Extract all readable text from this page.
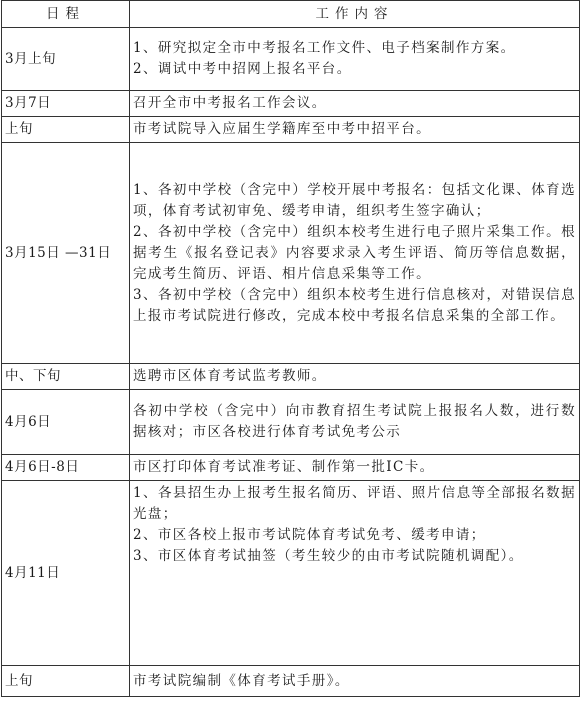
日程	工作内容
3月上旬	1、研究拟定全市中考报名工作文件、电子档案制作方案。
2、调试中考中招网上报名平台。

3月7日	召开全市中考报名工作会议。

上旬	市考试院导入应届生学籍库至中考中招平台。

3月15日 —31日	1、各初中学校（含完中）学校开展中考报名：包括文化课、体育选项，体育考试初审免、缓考申请，组织考生签字确认；
2、各初中学校（含完中）组织本校考生进行电子照片采集工作。根据考生《报名登记表》内容要求录入考生评语、简历等信息数据，完成考生简历、评语、相片信息采集等工作。
3、各初中学校（含完中）组织本校考生进行信息核对，对错误信息上报市考试院进行修改，完成本校中考报名信息采集的全部工作。

中、下旬	选聘市区体育考试监考教师。

4月6日	各初中学校（含完中）向市教育招生考试院上报报名人数，进行数据核对；市区各校进行体育考试免考公示

4月6日-8日	市区打印体育考试准考证、制作第一批IC卡。

4月11日	1、各县招生办上报考生报名简历、评语、照片信息等全部报名数据光盘；
2、市区各校上报市考试院体育考试免考、缓考申请；
3、市区体育考试抽签（考生较少的由市考试院随机调配）。

上旬	市考试院编制《体育考试手册》。
